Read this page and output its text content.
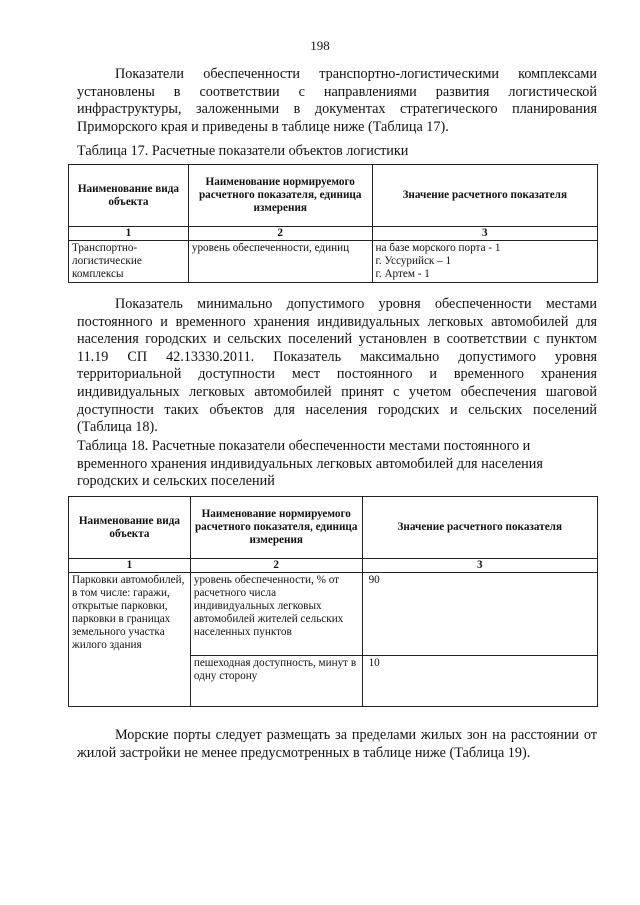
198
Показатели обеспеченности транспортно-логистическими комплексами установлены в соответствии с направлениями развития логистической инфраструктуры, заложенными в документах стратегического планирования Приморского края и приведены в таблице ниже (Таблица 17).
Таблица 17. Расчетные показатели объектов логистики
Наименование вида объекта	Наименование нормируемого расчетного показателя, единица измерения	Значение расчетного показателя
1	2	3
Транспортно-логистические комплексы	уровень обеспеченности, единиц	на базе морского порта - 1
г. Уссурийск – 1
г. Артем - 1
Показатель минимально допустимого уровня обеспеченности местами постоянного и временного хранения индивидуальных легковых автомобилей для населения городских и сельских поселений установлен в соответствии с пунктом 11.19 СП 42.13330.2011. Показатель максимально допустимого уровня территориальной доступности мест постоянного и временного хранения индивидуальных легковых автомобилей принят с учетом обеспечения шаговой доступности таких объектов для населения городских и сельских поселений (Таблица 18).
Таблица 18. Расчетные показатели обеспеченности местами постоянного и временного хранения индивидуальных легковых автомобилей для населения городских и сельских поселений
Наименование вида объекта	Наименование нормируемого расчетного показателя, единица измерения	Значение расчетного показателя
1	2	3
Парковки автомобилей, в том числе: гаражи, открытые парковки, парковки в границах земельного участка жилого здания	уровень обеспеченности, % от расчетного числа индивидуальных легковых автомобилей жителей сельских населенных пунктов	90
	пешеходная доступность, минут в одну сторону	10
Морские порты следует размещать за пределами жилых зон на расстоянии от жилой застройки не менее предусмотренных в таблице ниже (Таблица 19).
